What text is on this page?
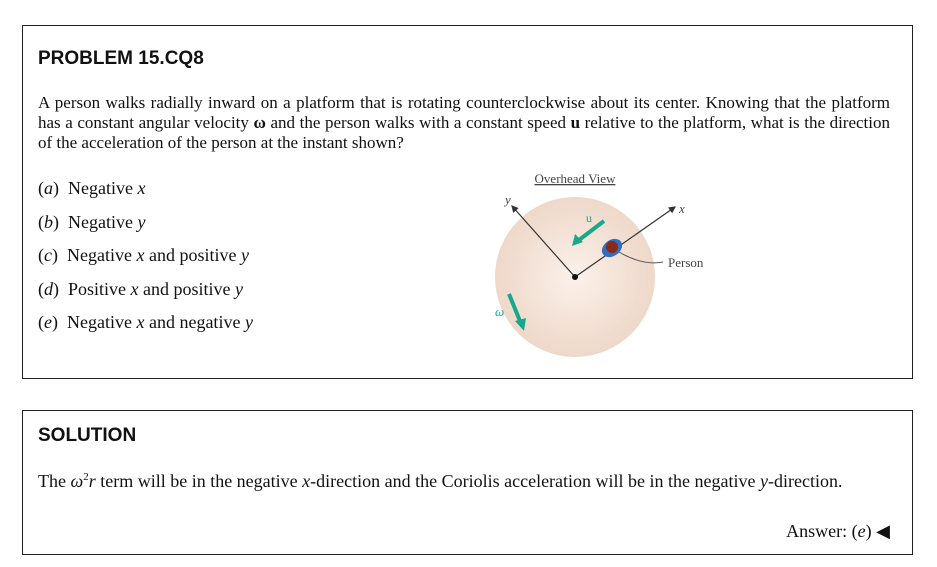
PROBLEM 15.CQ8
A person walks radially inward on a platform that is rotating counterclockwise about its center. Knowing that the platform has a constant angular velocity ω and the person walks with a constant speed u relative to the platform, what is the direction of the acceleration of the person at the instant shown?
(a)  Negative x
(b)  Negative y
(c)  Negative x and positive y
(d)  Positive x and positive y
(e)  Negative x and negative y
Overhead View
y
x
u
Person
ω
SOLUTION
The $\omega^2r$ term will be in the negative x-direction and the Coriolis acceleration will be in the negative y-direction.
Answer: (e) ◀
